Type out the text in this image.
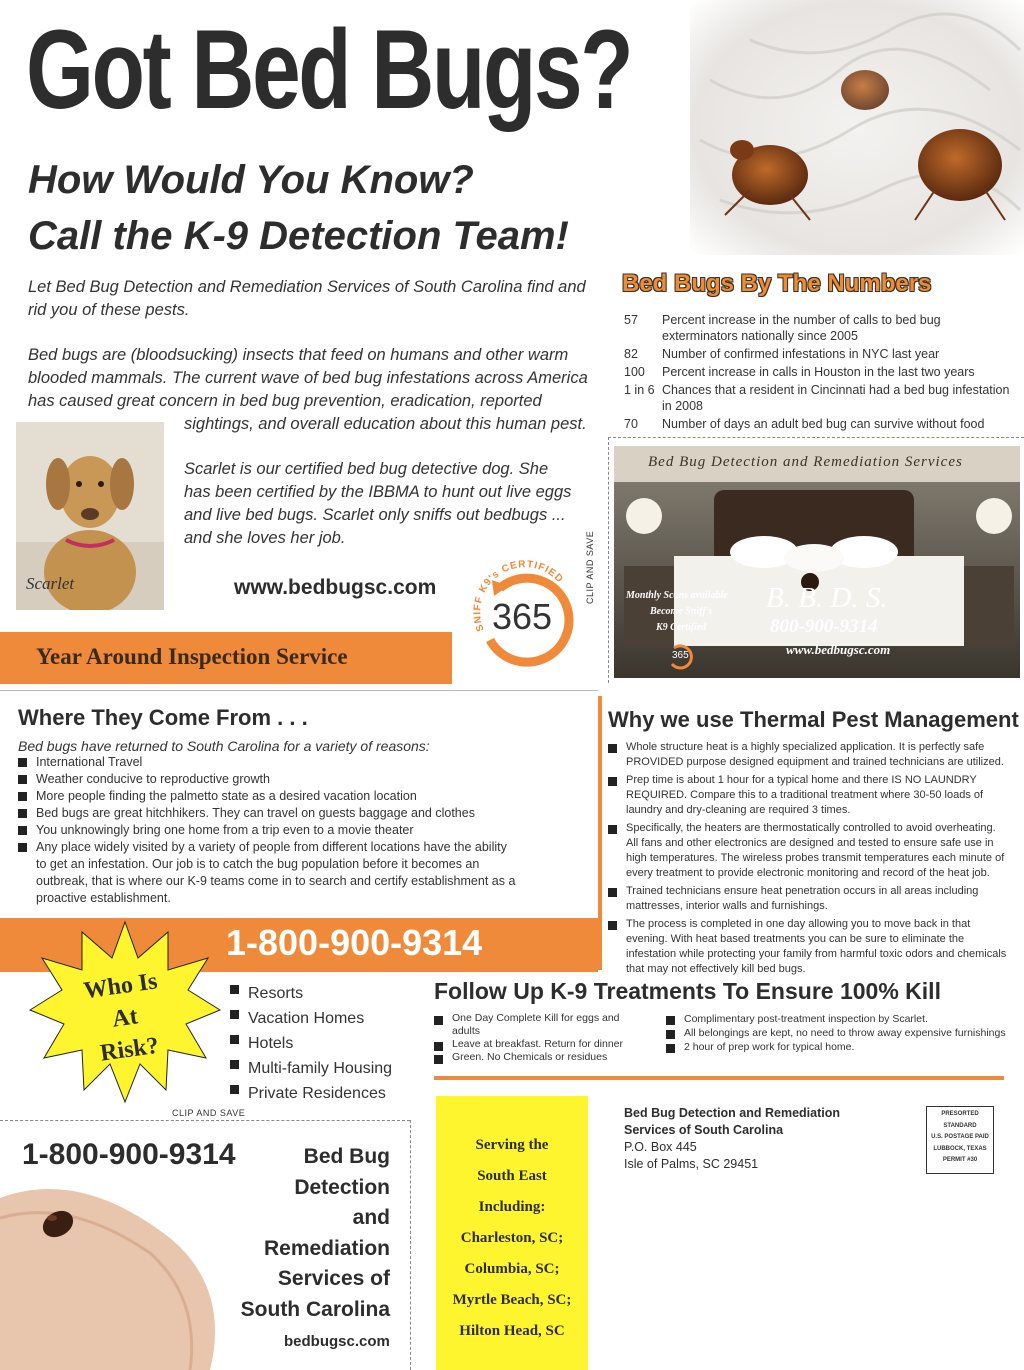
Got Bed Bugs?
How Would You Know?
Call the K-9 Detection Team!
Let Bed Bug Detection and Remediation Services of South Carolina find and rid you of these pests.
Bed bugs are (bloodsucking) insects that feed on humans and other warm blooded mammals. The current wave of bed bug infestations across America has caused great concern in bed bug prevention, eradication, reported
sightings, and overall education about this human pest.
Scarlet is our certified bed bug detective dog. She has been certified by the IBBMA to hunt out live eggs and live bed bugs. Scarlet only sniffs out bedbugs ... and she loves her job.
Scarlet	www.bedbugsc.com
Year Around Inspection Service
SNIFF K9's CERTIFIED
365
Bed Bugs By The Numbers
57	Percent increase in the number of calls to bed bug exterminators nationally since 2005
82	Number of confirmed infestations in NYC last year
100	Percent increase in calls in Houston in the last two years
1 in 6	Chances that a resident in Cincinnati had a bed bug infestation in 2008
70	Number of days an adult bed bug can survive without food
CLIP AND SAVE
Bed Bug Detection and Remediation Services
Monthly Scans available
Become Sniff's
K9 Certified
B. B. D. S.
800-900-9314
www.bedbugsc.com
365
Where They Come From . . .
Bed bugs have returned to South Carolina for a variety of reasons:
International Travel
Weather conducive to reproductive growth
More people finding the palmetto state as a desired vacation location
Bed bugs are great hitchhikers. They can travel on guests baggage and clothes
You unknowingly bring one home from a trip even to a movie theater
Any place widely visited by a variety of people from different locations have the ability to get an infestation. Our job is to catch the bug population before it becomes an outbreak, that is where our K-9 teams come in to search and certify establishment as a proactive establishment.
Why we use Thermal Pest Management
Whole structure heat is a highly specialized application. It is perfectly safe PROVIDED purpose designed equipment and trained technicians are utilized.
Prep time is about 1 hour for a typical home and there IS NO LAUNDRY REQUIRED. Compare this to a traditional treatment where 30-50 loads of laundry and dry-cleaning are required 3 times.
Specifically, the heaters are thermostatically controlled to avoid overheating. All fans and other electronics are designed and tested to ensure safe use in high temperatures. The wireless probes transmit temperatures each minute of every treatment to provide electronic monitoring and record of the heat job.
Trained technicians ensure heat penetration occurs in all areas including mattresses, interior walls and furnishings.
The process is completed in one day allowing you to move back in that evening. With heat based treatments you can be sure to eliminate the infestation while protecting your family from harmful toxic odors and chemicals that may not effectively kill bed bugs.
1-800-900-9314
Who Is
At
Risk?
Resorts
Vacation Homes
Hotels
Multi-family Housing
Private Residences
Follow Up K-9 Treatments To Ensure 100% Kill
One Day Complete Kill for eggs and adults
Leave at breakfast. Return for dinner
Green. No Chemicals or residues
Complimentary post-treatment inspection by Scarlet.
All belongings are kept, no need to throw away expensive furnishings
2 hour of prep work for typical home.
CLIP AND SAVE
1-800-900-9314	Bed Bug
Detection
and
Remediation
Services of
South Carolina
bedbugsc.com
Serving the
South East
Including:
Charleston, SC;
Columbia, SC;
Myrtle Beach, SC;
Hilton Head, SC
Bed Bug Detection and Remediation
Services of South Carolina
P.O. Box 445
Isle of Palms, SC 29451
PRESORTED
STANDARD
U.S. POSTAGE PAID
LUBBOCK, TEXAS
PERMIT #30
